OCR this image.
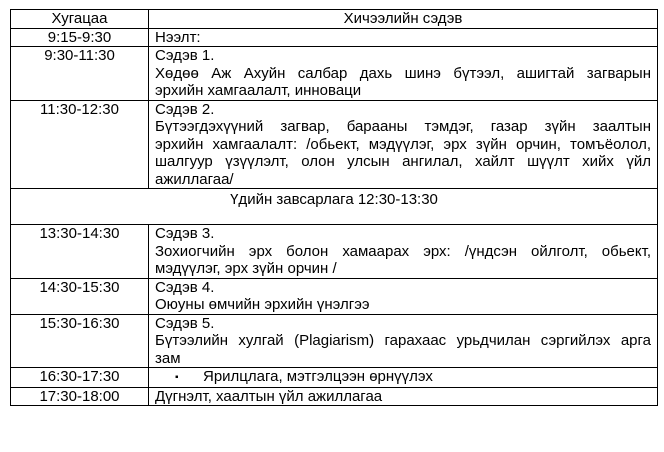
Хугацаа	Хичээлийн сэдэв
9:15-9:30	Нээлт:

9:30-11:30	Сэдэв 1.
Хөдөө Аж Ахуйн салбар дахь шинэ бүтээл, ашигтай загварын
эрхийн хамгаалалт, инноваци

11:30-12:30	Сэдэв 2.
Бүтээгдэхүүний загвар, барааны тэмдэг, газар зүйн заалтын
эрхийн хамгаалалт: /обьект, мэдүүлэг, эрх зүйн орчин, томъёолол,
шалгуур үзүүлэлт, олон улсын ангилал, хайлт шүүлт хийх үйл
ажиллагаа/

Үдийн завсарлага 12:30-13:30	
13:30-14:30	Сэдэв 3.
Зохиогчийн эрх болон хамаарах эрх: /үндсэн ойлголт, обьект,
мэдүүлэг, эрх зүйн орчин /

14:30-15:30	Сэдэв 4.
Оюуны өмчийн эрхийн үнэлгээ

15:30-16:30	Сэдэв 5.
Бүтээлийн хулгай (Plagiarism) гарахаас урьдчилан сэргийлэх арга
зам

16:30-17:30	▪ Ярилцлага, мэтгэлцээн өрнүүлэх

17:30-18:00	Дүгнэлт, хаалтын үйл ажиллагаа
